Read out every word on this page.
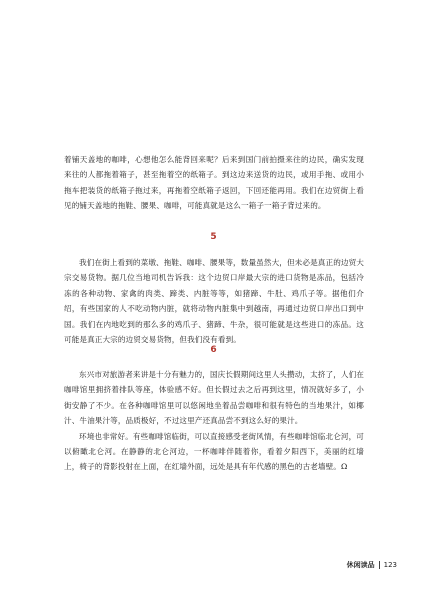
着铺天盖地的咖啡，心想他怎么能背回来呢？后来到国门前拍摄来往的边民，确实发现来往的人都拖着箱子，甚至拖着空的纸箱子。到这边来送货的边民，或用手拖、或用小拖车把装货的纸箱子拖过来，再拖着空纸箱子返回，下回还能再用。我们在边贸街上看见的铺天盖地的拖鞋、腰果、咖啡，可能真就是这么一箱子一箱子背过来的。

5

我们在街上看到的菜墩、拖鞋、咖啡、腰果等，数量虽然大，但未必是真正的边贸大宗交易货物。据几位当地司机告诉我：这个边贸口岸最大宗的进口货物是冻品，包括冷冻的各种动物、家禽的肉类、蹄类、内脏等等，如猪蹄、牛肚、鸡爪子等。据他们介绍，有些国家的人不吃动物内脏，就将动物内脏集中到越南，再通过边贸口岸出口到中国。我们在内地吃到的那么多的鸡爪子、猪蹄、牛杂，很可能就是这些进口的冻品。这可能是真正大宗的边贸交易货物，但我们没有看到。

6

东兴市对旅游者来讲是十分有魅力的，国庆长假期间这里人头攒动，太挤了，人们在咖啡馆里拥挤着排队等座，体验感不好。但长假过去之后再到这里，情况就好多了，小街安静了不少。在各种咖啡馆里可以悠闲地坐着品尝咖啡和很有特色的当地果汁，如椰汁、牛油果汁等，品质极好，不过这里产还真品尝不到这么好的果汁。

环境也非常好。有些咖啡馆临街，可以直接感受老街风情，有些咖啡馆临北仑河，可以俯瞰北仑河。在静静的北仑河边，一杯咖啡伴随着你，看着夕阳西下，美丽的红墙上，椅子的背影投射在上面，在红墙外面，远处是具有年代感的黑色的古老墙壁。Ω

休闲读品 123
